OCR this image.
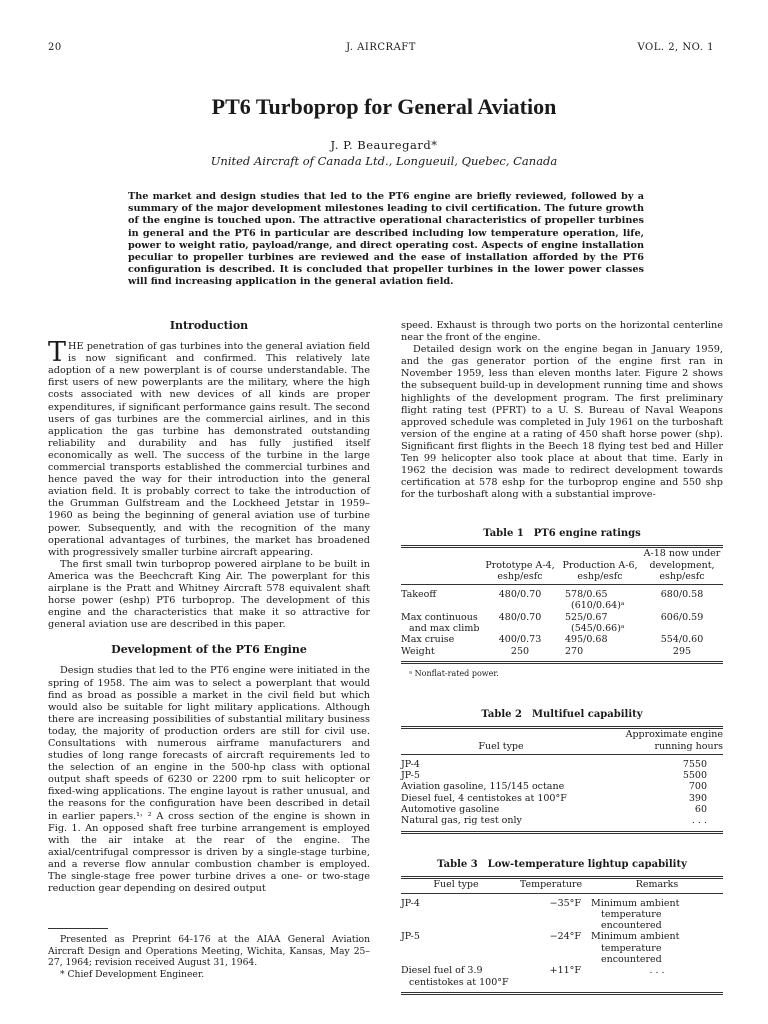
20	J. AIRCRAFT	VOL. 2, NO. 1
PT6 Turboprop for General Aviation
J. P. Beauregard*
United Aircraft of Canada Ltd., Longueuil, Quebec, Canada
The market and design studies that led to the PT6 engine are briefly reviewed, followed by a summary of the major development milestones leading to civil certification. The future growth of the engine is touched upon. The attractive operational characteristics of propeller turbines in general and the PT6 in particular are described including low temperature operation, life, power to weight ratio, payload/range, and direct operating cost. Aspects of engine installation peculiar to propeller turbines are reviewed and the ease of installation afforded by the PT6 configuration is described. It is concluded that propeller turbines in the lower power classes will find increasing application in the general aviation field.
Introduction

THE penetration of gas turbines into the general aviation field is now significant and confirmed. This relatively late adoption of a new powerplant is of course understandable. The first users of new powerplants are the military, where the high costs associated with new devices of all kinds are proper expenditures, if significant performance gains result. The second users of gas turbines are the commercial airlines, and in this application the gas turbine has demonstrated outstanding reliability and durability and has fully justified itself economically as well. The success of the turbine in the large commercial transports established the commercial turbines and hence paved the way for their introduction into the general aviation field. It is probably correct to take the introduction of the Grumman Gulfstream and the Lockheed Jetstar in 1959–1960 as being the beginning of general aviation use of turbine power. Subsequently, and with the recognition of the many operational advantages of turbines, the market has broadened with progressively smaller turbine aircraft appearing.

The first small twin turboprop powered airplane to be built in America was the Beechcraft King Air. The powerplant for this airplane is the Pratt and Whitney Aircraft 578 equivalent shaft horse power (eshp) PT6 turboprop. The development of this engine and the characteristics that make it so attractive for general aviation use are described in this paper.

Development of the PT6 Engine

Design studies that led to the PT6 engine were initiated in the spring of 1958. The aim was to select a powerplant that would find as broad as possible a market in the civil field but which would also be suitable for light military applications. Although there are increasing possibilities of substantial military business today, the majority of production orders are still for civil use. Consultations with numerous airframe manufacturers and studies of long range forecasts of aircraft requirements led to the selection of an engine in the 500-hp class with optional output shaft speeds of 6230 or 2200 rpm to suit helicopter or fixed-wing applications. The engine layout is rather unusual, and the reasons for the configuration have been described in detail in earlier papers.¹˒ ² A cross section of the engine is shown in Fig. 1. An opposed shaft free turbine arrangement is employed with the air intake at the rear of the engine. The axial/centrifugal compressor is driven by a single-stage turbine, and a reverse flow annular combustion chamber is employed. The single-stage free power turbine drives a one- or two-stage reduction gear depending on desired output

Presented as Preprint 64-176 at the AIAA General Aviation Aircraft Design and Operations Meeting, Wichita, Kansas, May 25–27, 1964; revision received August 31, 1964.

* Chief Development Engineer.

speed. Exhaust is through two ports on the horizontal centerline near the front of the engine.

Detailed design work on the engine began in January 1959, and the gas generator portion of the engine first ran in November 1959, less than eleven months later. Figure 2 shows the subsequent build-up in development running time and shows highlights of the development program. The first preliminary flight rating test (PFRT) to a U. S. Bureau of Naval Weapons approved schedule was completed in July 1961 on the turboshaft version of the engine at a rating of 450 shaft horse power (shp). Significant first flights in the Beech 18 flying test bed and Hiller Ten 99 helicopter also took place at about that time. Early in 1962 the decision was made to redirect development towards certification at 578 eshp for the turboprop engine and 550 shp for the turboshaft along with a substantial improve-

Table 1 PT6 engine ratings
	Prototype A-4, eshp/esfc	Production A-6, eshp/esfc	A-18 now under development, eshp/esfc

Takeoff	480/0.70	578/0.65	680/0.58
		(610/0.64)ᵃ	
Max continuous	480/0.70	525/0.67	606/0.59
and max climb		(545/0.66)ᵃ	
Max cruise	400/0.73	495/0.68	554/0.60
Weight	250	270	295
ᵃ Nonflat-rated power.
Table 2 Multifuel capability
Fuel type	Approximate engine running hours

JP-4	7550
JP-5	5500
Aviation gasoline, 115/145 octane	700
Diesel fuel, 4 centistokes at 100°F	390
Automotive gasoline	60
Natural gas, rig test only	. . .
Table 3 Low-temperature lightup capability
Fuel type	Temperature	Remarks

JP-4	−35°F	Minimum ambient
		temperature encountered
JP-5	−24°F	Minimum ambient
		temperature encountered
Diesel fuel of 3.9	+11°F	. . .
centistokes at 100°F		
